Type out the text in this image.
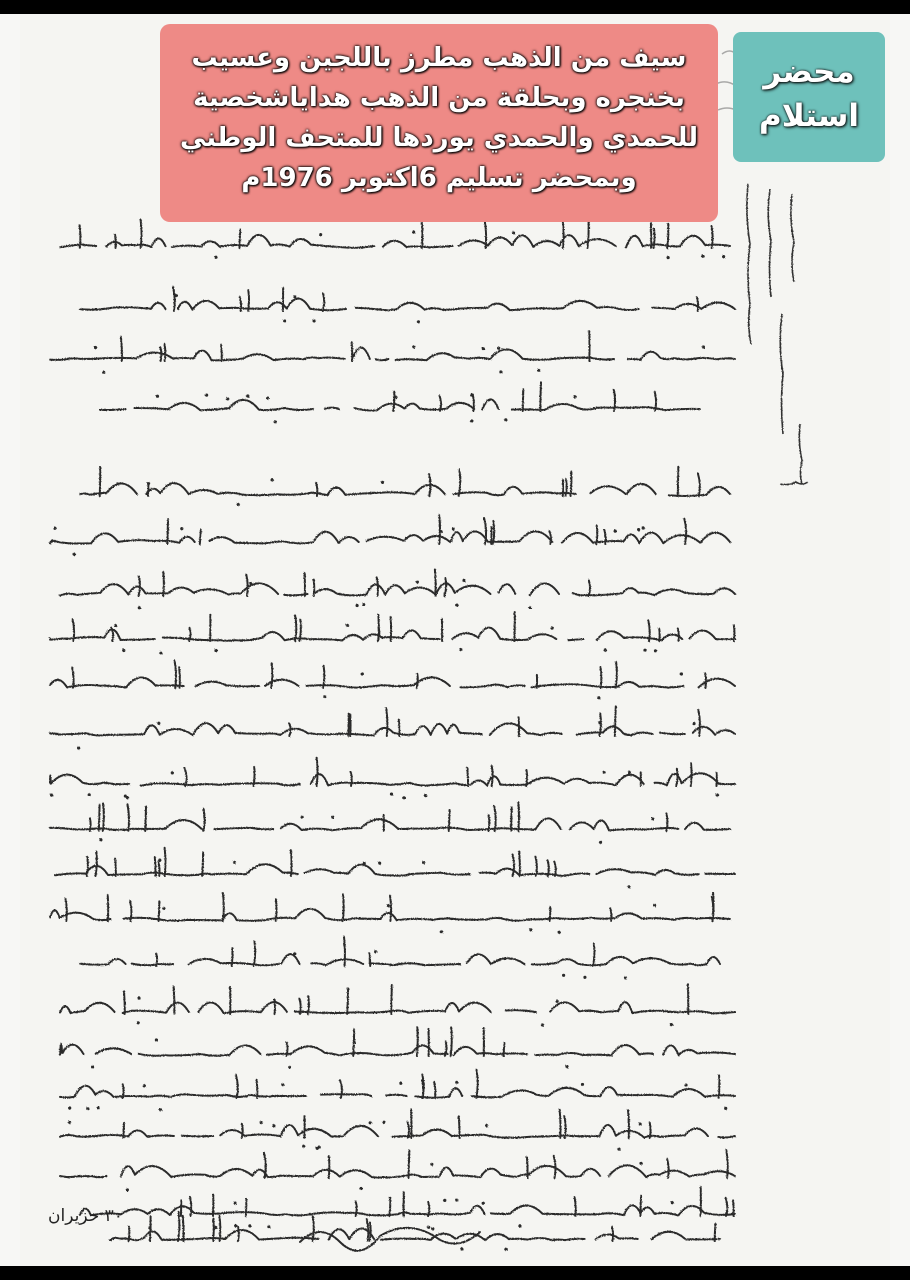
سيف من الذهب مطرز باللجين وعسيب
بخنجره وبحلقة من الذهب هداياشخصية
للحمدي والحمدي يوردها للمتحف الوطني
وبمحضر تسليم 6اكتوبر 1976م
محضر
استلام
٣٠ حزيران
